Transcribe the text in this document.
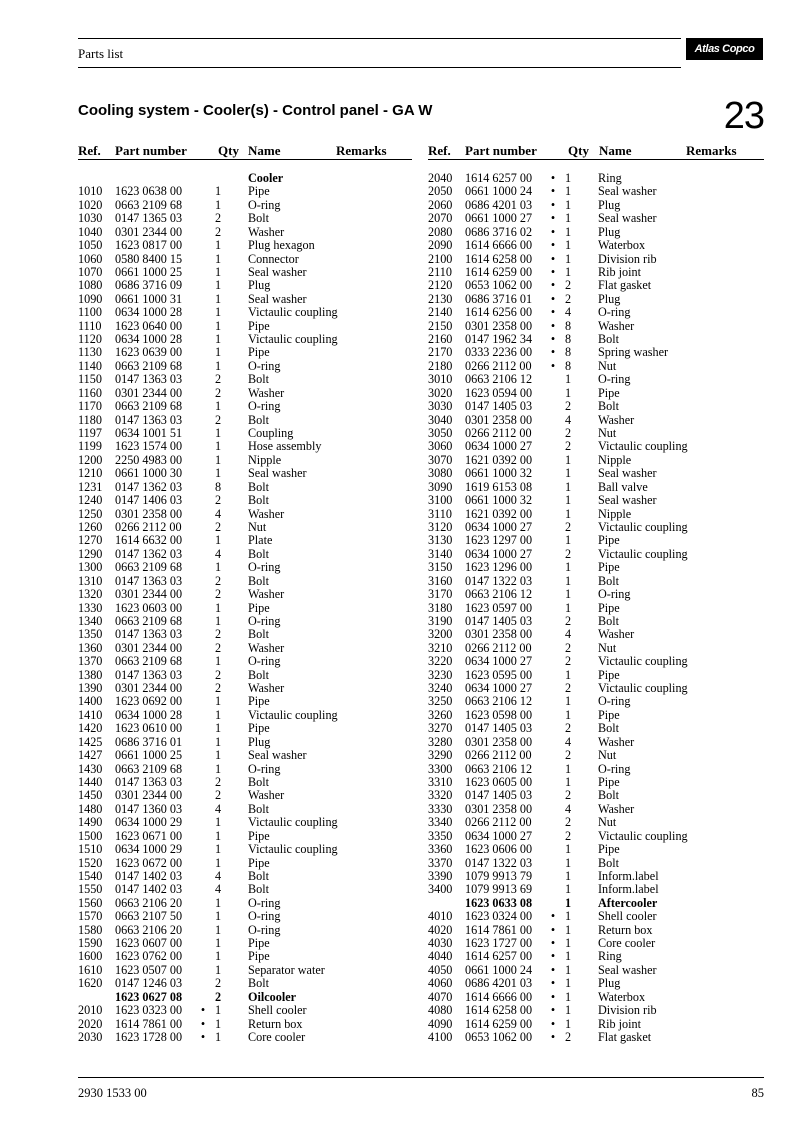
Parts list	Atlas Copco
Cooling system - Cooler(s) - Control panel - GA W	23
Ref. Part number Qty Name	Remarks
Cooler
1010 1623 0638 00	1 Pipe
1020 0663 2109 68	1 O-ring
1030 0147 1365 03	2 Bolt
1040 0301 2344 00	2 Washer
1050 1623 0817 00	1 Plug hexagon
1060 0580 8400 15	1 Connector
1070 0661 1000 25	1 Seal washer
1080 0686 3716 09	1 Plug
1090 0661 1000 31	1 Seal washer
1100 0634 1000 28	1 Victaulic coupling
1110 1623 0640 00	1 Pipe
1120 0634 1000 28	1 Victaulic coupling
1130 1623 0639 00	1 Pipe
1140 0663 2109 68	1 O-ring
1150 0147 1363 03	2 Bolt
1160 0301 2344 00	2 Washer
1170 0663 2109 68	1 O-ring
1180 0147 1363 03	2 Bolt
1197 0634 1001 51	1 Coupling
1199 1623 1574 00	1 Hose assembly
1200 2250 4983 00	1 Nipple
1210 0661 1000 30	1 Seal washer
1231 0147 1362 03	8 Bolt
1240 0147 1406 03	2 Bolt
1250 0301 2358 00	4 Washer
1260 0266 2112 00	2 Nut
1270 1614 6632 00	1 Plate
1290 0147 1362 03	4 Bolt
1300 0663 2109 68	1 O-ring
1310 0147 1363 03	2 Bolt
1320 0301 2344 00	2 Washer
1330 1623 0603 00	1 Pipe
1340 0663 2109 68	1 O-ring
1350 0147 1363 03	2 Bolt
1360 0301 2344 00	2 Washer
1370 0663 2109 68	1 O-ring
1380 0147 1363 03	2 Bolt
1390 0301 2344 00	2 Washer
1400 1623 0692 00	1 Pipe
1410 0634 1000 28	1 Victaulic coupling
1420 1623 0610 00	1 Pipe
1425 0686 3716 01	1 Plug
1427 0661 1000 25	1 Seal washer
1430 0663 2109 68	1 O-ring
1440 0147 1363 03	2 Bolt
1450 0301 2344 00	2 Washer
1480 0147 1360 03	4 Bolt
1490 0634 1000 29	1 Victaulic coupling
1500 1623 0671 00	1 Pipe
1510 0634 1000 29	1 Victaulic coupling
1520 1623 0672 00	1 Pipe
1540 0147 1402 03	4 Bolt
1550 0147 1402 03	4 Bolt
1560 0663 2106 20	1 O-ring
1570 0663 2107 50	1 O-ring
1580 0663 2106 20	1 O-ring
1590 1623 0607 00	1 Pipe
1600 1623 0762 00	1 Pipe
1610 1623 0507 00	1 Separator water
1620 0147 1246 03	2 Bolt
1623 0627 08	2 Oilcooler
2010 1623 0323 00 • 1 Shell cooler
2020 1614 7861 00 • 1 Return box
2030 1623 1728 00 • 1 Core cooler
Ref. Part number Qty Name	Remarks
2040 1614 6257 00 • 1 Ring
2050 0661 1000 24 • 1 Seal washer
2060 0686 4201 03 • 1 Plug
2070 0661 1000 27 • 1 Seal washer
2080 0686 3716 02 • 1 Plug
2090 1614 6666 00 • 1 Waterbox
2100 1614 6258 00 • 1 Division rib
2110 1614 6259 00 • 1 Rib joint
2120 0653 1062 00 • 2 Flat gasket
2130 0686 3716 01 • 2 Plug
2140 1614 6256 00 • 4 O-ring
2150 0301 2358 00 • 8 Washer
2160 0147 1962 34 • 8 Bolt
2170 0333 2236 00 • 8 Spring washer
2180 0266 2112 00 • 8 Nut
3010 0663 2106 12	1 O-ring
3020 1623 0594 00	1 Pipe
3030 0147 1405 03	2 Bolt
3040 0301 2358 00	4 Washer
3050 0266 2112 00	2 Nut
3060 0634 1000 27	2 Victaulic coupling
3070 1621 0392 00	1 Nipple
3080 0661 1000 32	1 Seal washer
3090 1619 6153 08	1 Ball valve
3100 0661 1000 32	1 Seal washer
3110 1621 0392 00	1 Nipple
3120 0634 1000 27	2 Victaulic coupling
3130 1623 1297 00	1 Pipe
3140 0634 1000 27	2 Victaulic coupling
3150 1623 1296 00	1 Pipe
3160 0147 1322 03	1 Bolt
3170 0663 2106 12	1 O-ring
3180 1623 0597 00	1 Pipe
3190 0147 1405 03	2 Bolt
3200 0301 2358 00	4 Washer
3210 0266 2112 00	2 Nut
3220 0634 1000 27	2 Victaulic coupling
3230 1623 0595 00	1 Pipe
3240 0634 1000 27	2 Victaulic coupling
3250 0663 2106 12	1 O-ring
3260 1623 0598 00	1 Pipe
3270 0147 1405 03	2 Bolt
3280 0301 2358 00	4 Washer
3290 0266 2112 00	2 Nut
3300 0663 2106 12	1 O-ring
3310 1623 0605 00	1 Pipe
3320 0147 1405 03	2 Bolt
3330 0301 2358 00	4 Washer
3340 0266 2112 00	2 Nut
3350 0634 1000 27	2 Victaulic coupling
3360 1623 0606 00	1 Pipe
3370 0147 1322 03	1 Bolt
3390 1079 9913 79	1 Inform.label
3400 1079 9913 69	1 Inform.label
1623 0633 08	1 Aftercooler
4010 1623 0324 00 • 1 Shell cooler
4020 1614 7861 00 • 1 Return box
4030 1623 1727 00 • 1 Core cooler
4040 1614 6257 00 • 1 Ring
4050 0661 1000 24 • 1 Seal washer
4060 0686 4201 03 • 1 Plug
4070 1614 6666 00 • 1 Waterbox
4080 1614 6258 00 • 1 Division rib
4090 1614 6259 00 • 1 Rib joint
4100 0653 1062 00 • 2 Flat gasket
2930 1533 00	85
